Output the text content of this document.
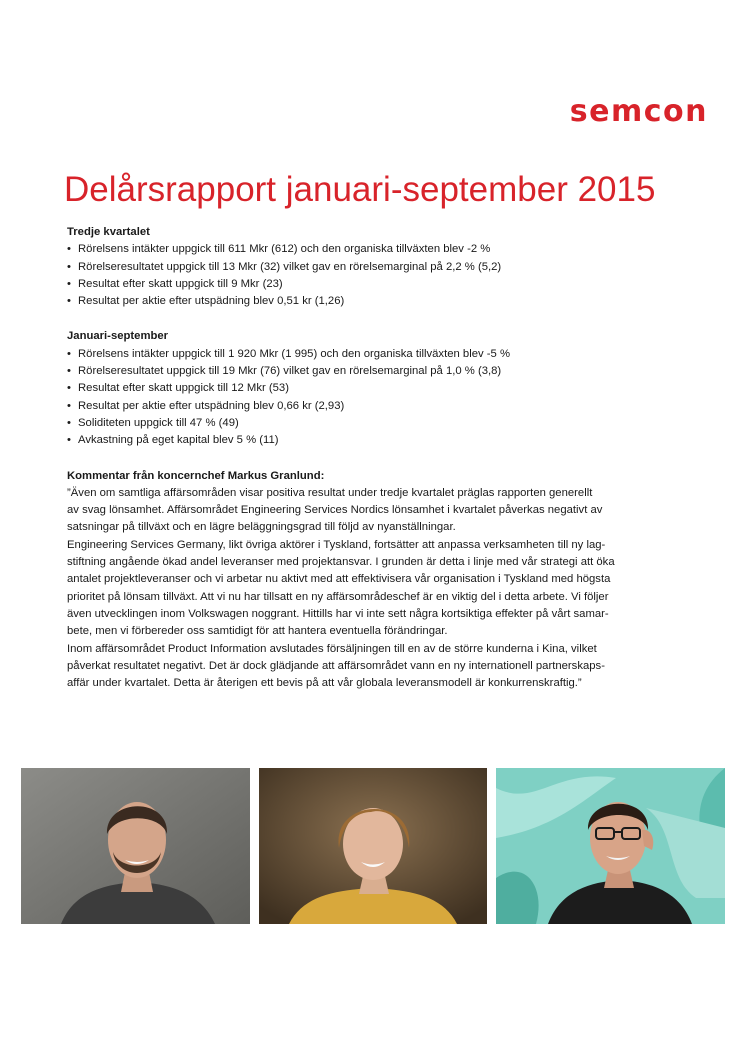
semcon
Delårsrapport januari-september 2015

Tredje kvartalet

• Rörelsens intäkter uppgick till 611 Mkr (612) och den organiska tillväxten blev -2 %
• Rörelseresultatet uppgick till 13 Mkr (32) vilket gav en rörelsemarginal på 2,2 % (5,2)
• Resultat efter skatt uppgick till 9 Mkr (23)
• Resultat per aktie efter utspädning blev 0,51 kr (1,26)

Januari-september

• Rörelsens intäkter uppgick till 1 920 Mkr (1 995) och den organiska tillväxten blev -5 %
• Rörelseresultatet uppgick till 19 Mkr (76) vilket gav en rörelsemarginal på 1,0 % (3,8)
• Resultat efter skatt uppgick till 12 Mkr (53)
• Resultat per aktie efter utspädning blev 0,66 kr (2,93)
• Soliditeten uppgick till 47 % (49)
• Avkastning på eget kapital blev 5 % (11)

Kommentar från koncernchef Markus Granlund:

”Även om samtliga affärsområden visar positiva resultat under tredje kvartalet präglas rapporten generellt

av svag lönsamhet. Affärsområdet Engineering Services Nordics lönsamhet i kvartalet påverkas negativt av

satsningar på tillväxt och en lägre beläggningsgrad till följd av nyanställningar.

Engineering Services Germany, likt övriga aktörer i Tyskland, fortsätter att anpassa verksamheten till ny lag-

stiftning angående ökad andel leveranser med projektansvar. I grunden är detta i linje med vår strategi att öka

antalet projektleveranser och vi arbetar nu aktivt med att effektivisera vår organisation i Tyskland med högsta

prioritet på lönsam tillväxt. Att vi nu har tillsatt en ny affärsområdeschef är en viktig del i detta arbete. Vi följer

även utvecklingen inom Volkswagen noggrant. Hittills har vi inte sett några kortsiktiga effekter på vårt samar-

bete, men vi förbereder oss samtidigt för att hantera eventuella förändringar.

Inom affärsområdet Product Information avslutades försäljningen till en av de större kunderna i Kina, vilket

påverkat resultatet negativt. Det är dock glädjande att affärsområdet vann en ny internationell partnerskaps-

affär under kvartalet. Detta är återigen ett bevis på att vår globala leveransmodell är konkurrenskraftig.”
